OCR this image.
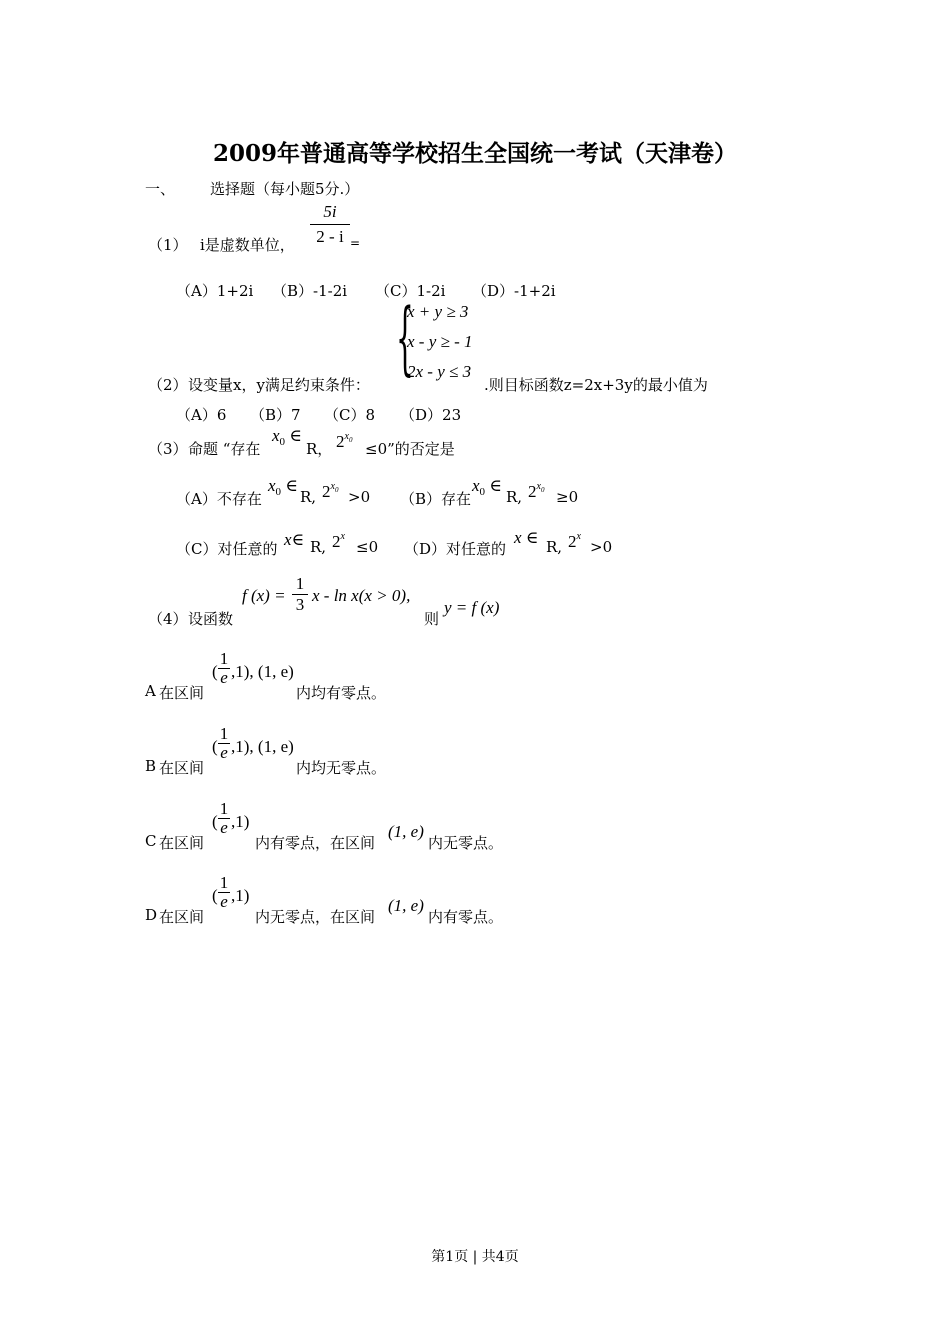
2009年普通高等学校招生全国统一考试（天津卷）
一、 选择题（每小题5分.）
（1） i是虚数单位， $\frac{5i}{2 - i}$ =
（A）1+2i （B）-1-2i （C）1-2i （D）-1+2i
（2） 设变量x，y满足约束条件：
{
x + y ≥ 3
x - y ≥ - 1
2x - y ≤ 3
.则目标函数z=2x+3y的最小值为
（A）6 （B）7 （C）8 （D）23
（3） 命题 “存在
$x_0$ ∈
R， $2^{x_0} \le 0$”的否定是
（A）不存在
$x_0$ ∈
R, $2^{x_0} >0$ （B）存在
$x_0$ ∈
R, $2^{x_0} \ge 0$
（C）对任意的 x∈ R, $2^x$
≤0 （D）对任意的
x ∈ R, $2^x$
>0
（4） 设函数
f (x) =
1
3 x - ln x(x > 0),
则
y = f (x)
A 在区间
(
1
e ,1), (1, e)
内均有零点。
B 在区间
(
1
e ,1), (1, e)
内均无零点。
C 在区间
(
1
e ,1)
内有零点，在区间
(1, e)
内无零点。
D 在区间
(
1
e ,1)
内无零点，在区间
(1, e)
内有零点。
第1页 | 共4页
